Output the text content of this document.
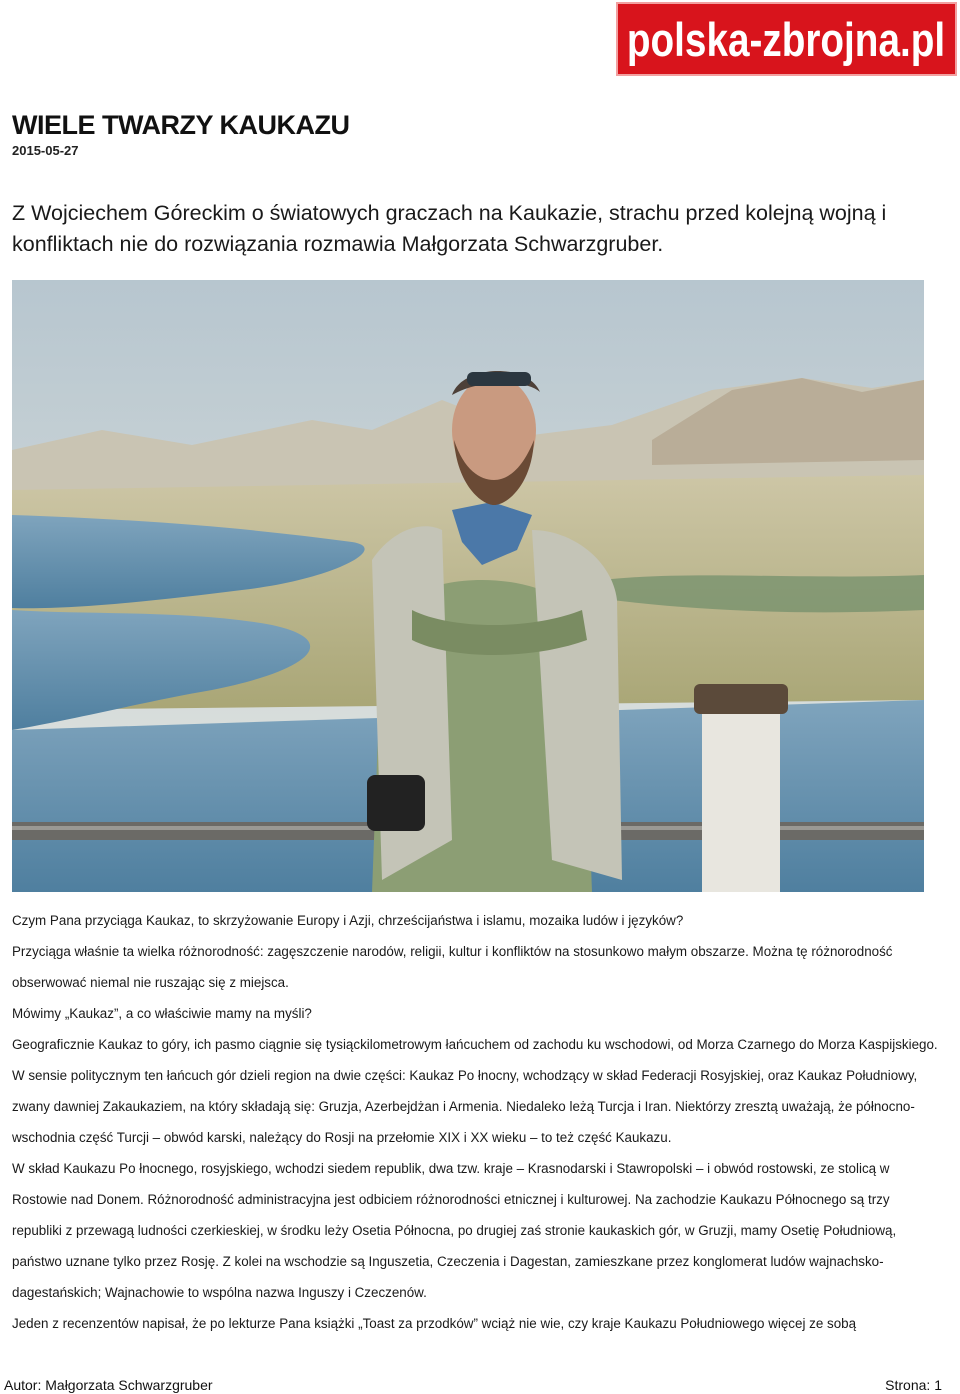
polska-zbrojna.pl
WIELE TWARZY KAUKAZU
2015-05-27

Z Wojciechem Góreckim o światowych graczach na Kaukazie, strachu przed kolejną wojną i konfliktach nie do rozwiązania rozmawia Małgorzata Schwarzgruber.

Czym Pana przyciąga Kaukaz, to skrzyżowanie Europy i Azji, chrześcijaństwa i islamu, mozaika ludów i języków?

Przyciąga właśnie ta wielka różnorodność: zagęszczenie narodów, religii, kultur i konfliktów na stosunkowo małym obszarze. Można tę różnorodność obserwować niemal nie ruszając się z miejsca.

Mówimy „Kaukaz”, a co właściwie mamy na myśli?

Geograficznie Kaukaz to góry, ich pasmo ciągnie się tysiąckilometrowym łańcuchem od zachodu ku wschodowi, od Morza Czarnego do Morza Kaspijskiego. W sensie politycznym ten łańcuch gór dzieli region na dwie części: Kaukaz Po łnocny, wchodzący w skład Federacji Rosyjskiej, oraz Kaukaz Południowy, zwany dawniej Zakaukaziem, na który składają się: Gruzja, Azerbejdżan i Armenia. Niedaleko leżą Turcja i Iran. Niektórzy zresztą uważają, że północno-wschodnia część Turcji – obwód karski, należący do Rosji na przełomie XIX i XX wieku – to też część Kaukazu.

W skład Kaukazu Po łnocnego, rosyjskiego, wchodzi siedem republik, dwa tzw. kraje – Krasnodarski i Stawropolski – i obwód rostowski, ze stolicą w Rostowie nad Donem. Różnorodność administracyjna jest odbiciem różnorodności etnicznej i kulturowej. Na zachodzie Kaukazu Północnego są trzy republiki z przewagą ludności czerkieskiej, w środku leży Osetia Północna, po drugiej zaś stronie kaukaskich gór, w Gruzji, mamy Osetię Południową, państwo uznane tylko przez Rosję. Z kolei na wschodzie są Inguszetia, Czeczenia i Dagestan, zamieszkane przez konglomerat ludów wajnachsko-dagestańskich; Wajnachowie to wspólna nazwa Inguszy i Czeczenów.

Jeden z recenzentów napisał, że po lekturze Pana książki „Toast za przodków” wciąż nie wie, czy kraje Kaukazu Południowego więcej ze sobą

Autor: Małgorzata Schwarzgruber	Strona: 1
